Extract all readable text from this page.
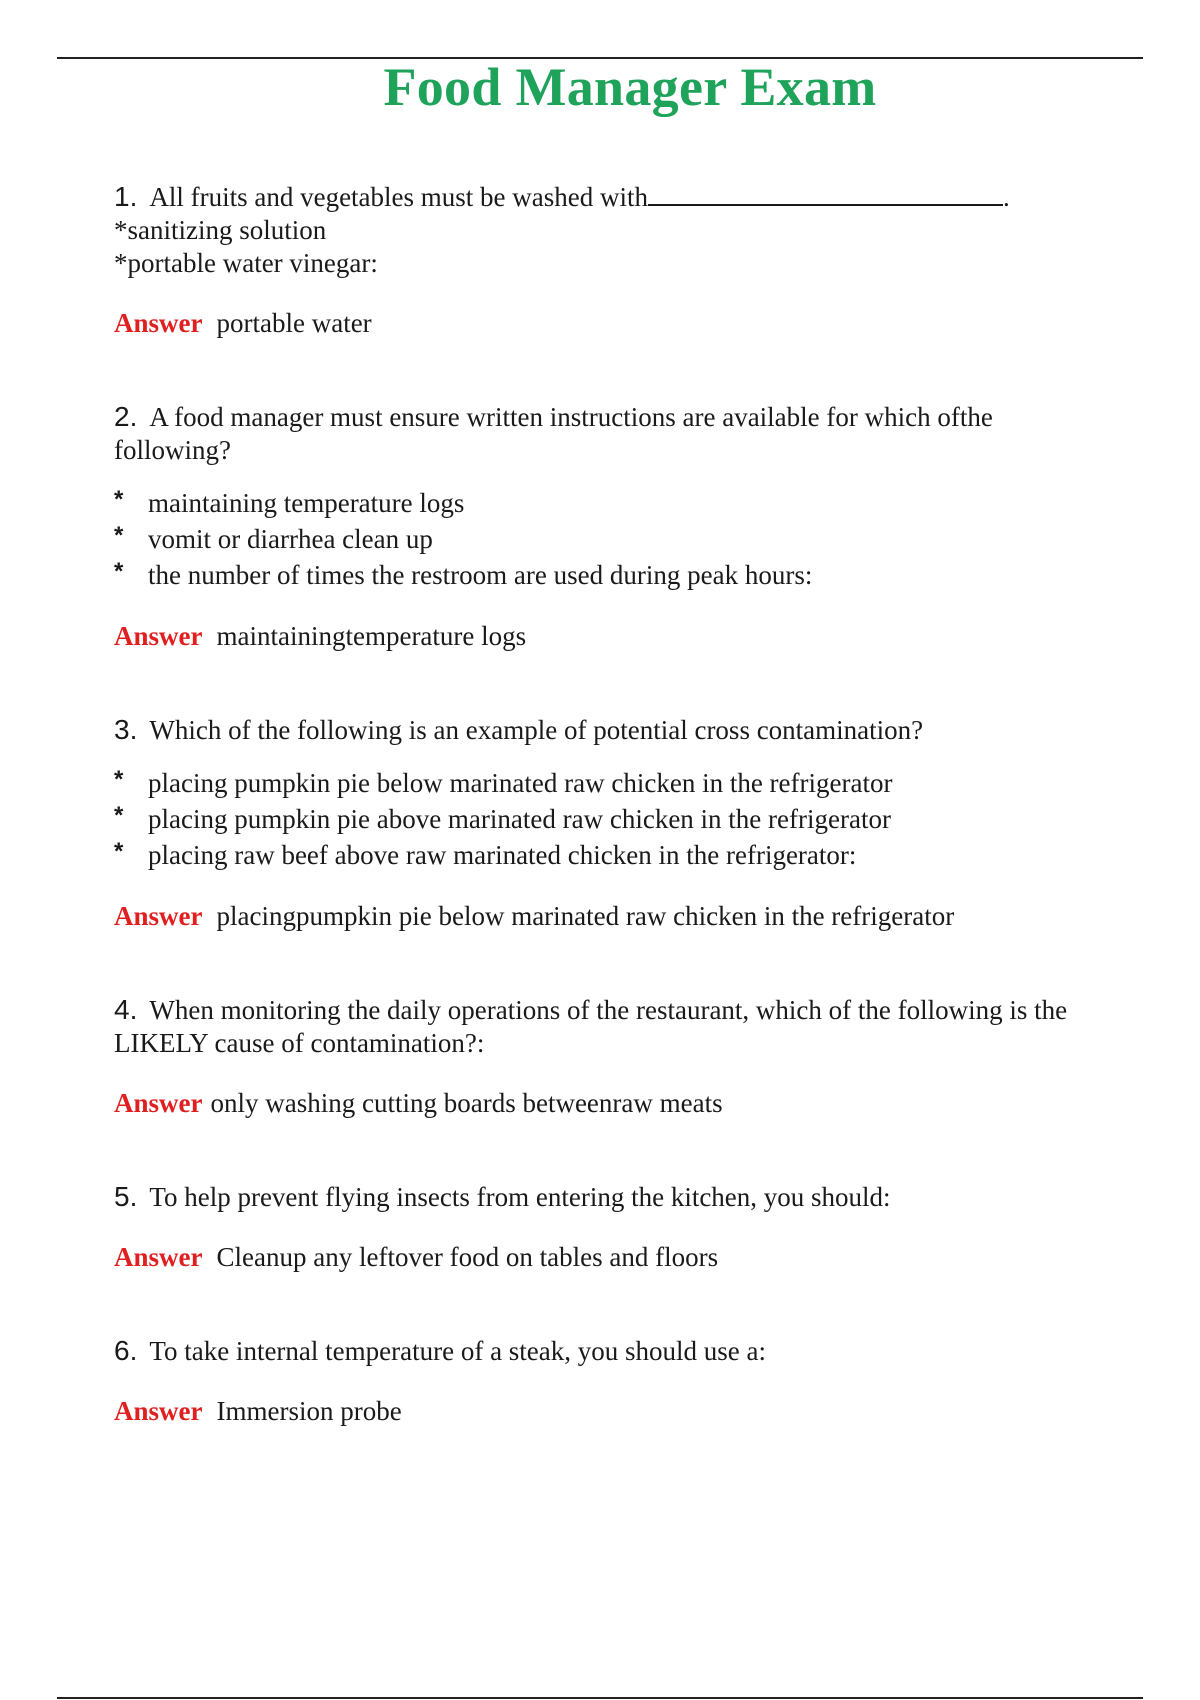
Food Manager Exam
1. All fruits and vegetables must be washed with	.
*sanitizing solution
*portable water vinegar:
Answer portable water
2. A food manager must ensure written instructions are available for which ofthe following?
* maintaining temperature logs
* vomit or diarrhea clean up
* the number of times the restroom are used during peak hours:
Answer maintainingtemperature logs
3. Which of the following is an example of potential cross contamination?
* placing pumpkin pie below marinated raw chicken in the refrigerator
* placing pumpkin pie above marinated raw chicken in the refrigerator
* placing raw beef above raw marinated chicken in the refrigerator:
Answer placingpumpkin pie below marinated raw chicken in the refrigerator
4. When monitoring the daily operations of the restaurant, which of the following is the LIKELY cause of contamination?:
Answer only washing cutting boards betweenraw meats
5. To help prevent flying insects from entering the kitchen, you should:
Answer Cleanup any leftover food on tables and floors
6. To take internal temperature of a steak, you should use a:
Answer Immersion probe
